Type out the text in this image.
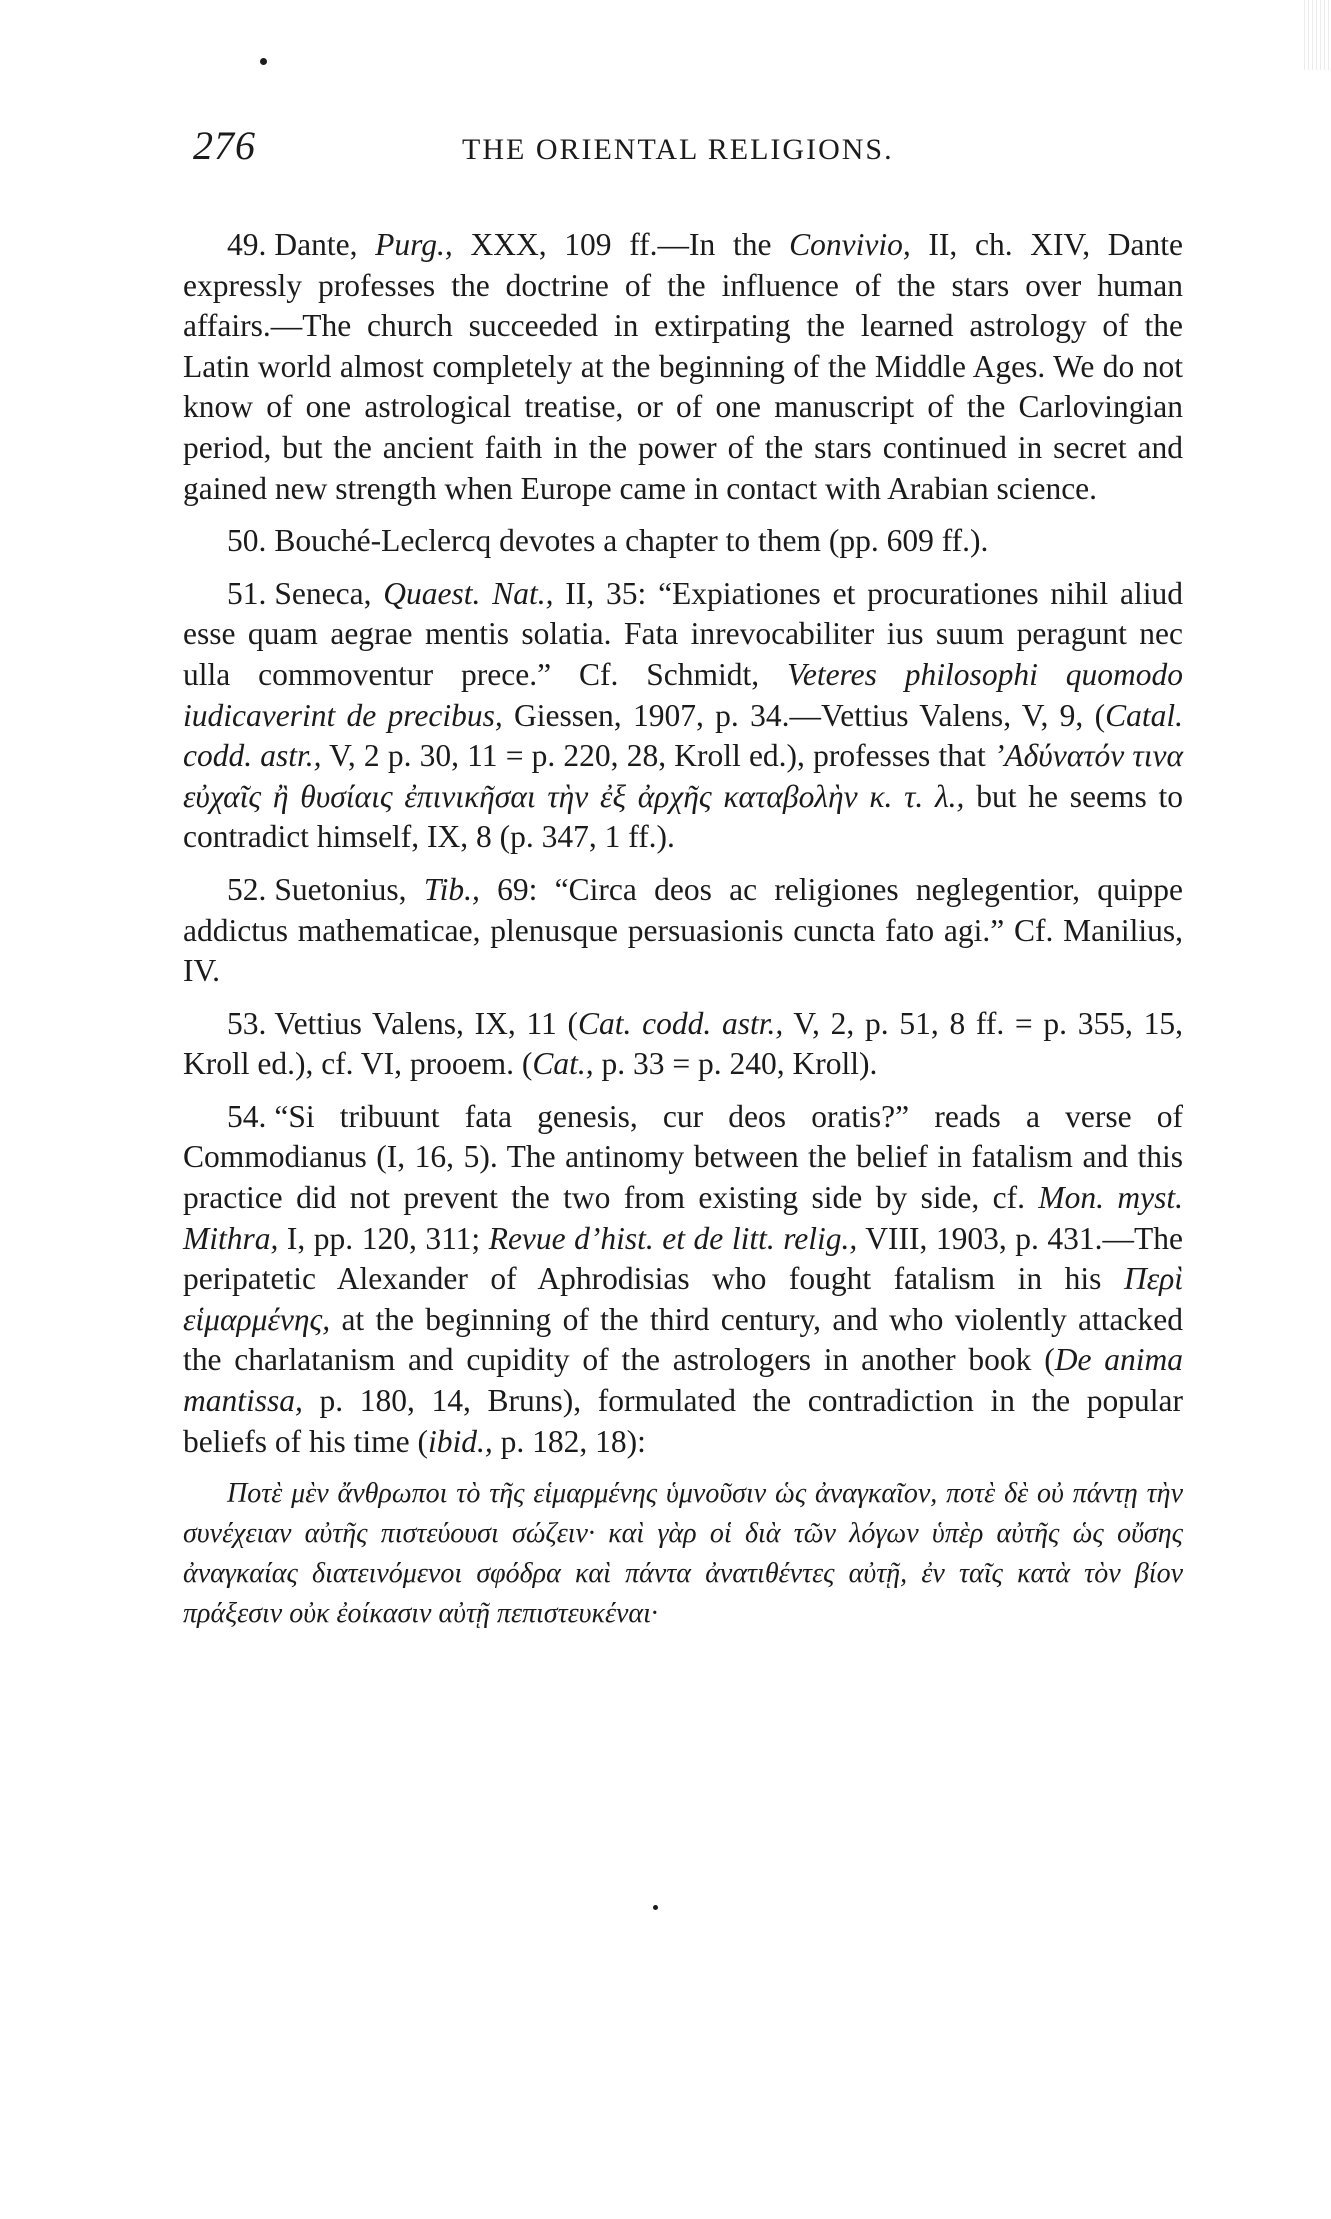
276	THE ORIENTAL RELIGIONS.

49. Dante, Purg., XXX, 109 ff.—In the Convivio, II, ch. XIV, Dante expressly professes the doctrine of the influence of the stars over human affairs.—The church succeeded in extirpating the learned astrology of the Latin world almost completely at the beginning of the Middle Ages. We do not know of one astrological treatise, or of one manuscript of the Carlovingian period, but the ancient faith in the power of the stars continued in secret and gained new strength when Europe came in contact with Arabian science.

50. Bouché-Leclercq devotes a chapter to them (pp. 609 ff.).

51. Seneca, Quaest. Nat., II, 35: “Expiationes et procurationes nihil aliud esse quam aegrae mentis solatia. Fata inrevocabiliter ius suum peragunt nec ulla commoventur prece.” Cf. Schmidt, Veteres philosophi quomodo iudicaverint de precibus, Giessen, 1907, p. 34.—Vettius Valens, V, 9, (Catal. codd. astr., V, 2 p. 30, 11 = p. 220, 28, Kroll ed.), professes that ’Αδύνατόν τινα εὐχαῖς ἢ θυσίαις ἐπινικῆσαι τὴν ἐξ ἀρχῆς καταβολὴν κ. τ. λ., but he seems to contradict himself, IX, 8 (p. 347, 1 ff.).

52. Suetonius, Tib., 69: “Circa deos ac religiones neglegentior, quippe addictus mathematicae, plenusque persuasionis cuncta fato agi.” Cf. Manilius, IV.

53. Vettius Valens, IX, 11 (Cat. codd. astr., V, 2, p. 51, 8 ff. = p. 355, 15, Kroll ed.), cf. VI, prooem. (Cat., p. 33 = p. 240, Kroll).

54. “Si tribuunt fata genesis, cur deos oratis?” reads a verse of Commodianus (I, 16, 5). The antinomy between the belief in fatalism and this practice did not prevent the two from existing side by side, cf. Mon. myst. Mithra, I, pp. 120, 311; Revue d’hist. et de litt. relig., VIII, 1903, p. 431.—The peripatetic Alexander of Aphrodisias who fought fatalism in his Περὶ εἱμαρμένης, at the beginning of the third century, and who violently attacked the charlatanism and cupidity of the astrologers in another book (De anima mantissa, p. 180, 14, Bruns), formulated the contradiction in the popular beliefs of his time (ibid., p. 182, 18):

Ποτὲ μὲν ἄνθρωποι τὸ τῆς εἱμαρμένης ὑμνοῦσιν ὡς ἀναγκαῖον, ποτὲ δὲ οὐ πάντῃ τὴν συνέχειαν αὐτῆς πιστεύουσι σώζειν· καὶ γὰρ οἱ διὰ τῶν λόγων ὑπὲρ αὐτῆς ὡς οὔσης ἀναγκαίας διατεινόμενοι σφόδρα καὶ πάντα ἀνατιθέντες αὐτῇ, ἐν ταῖς κατὰ τὸν βίον πράξεσιν οὐκ ἐοίκασιν αὐτῇ πεπιστευκέναι·
